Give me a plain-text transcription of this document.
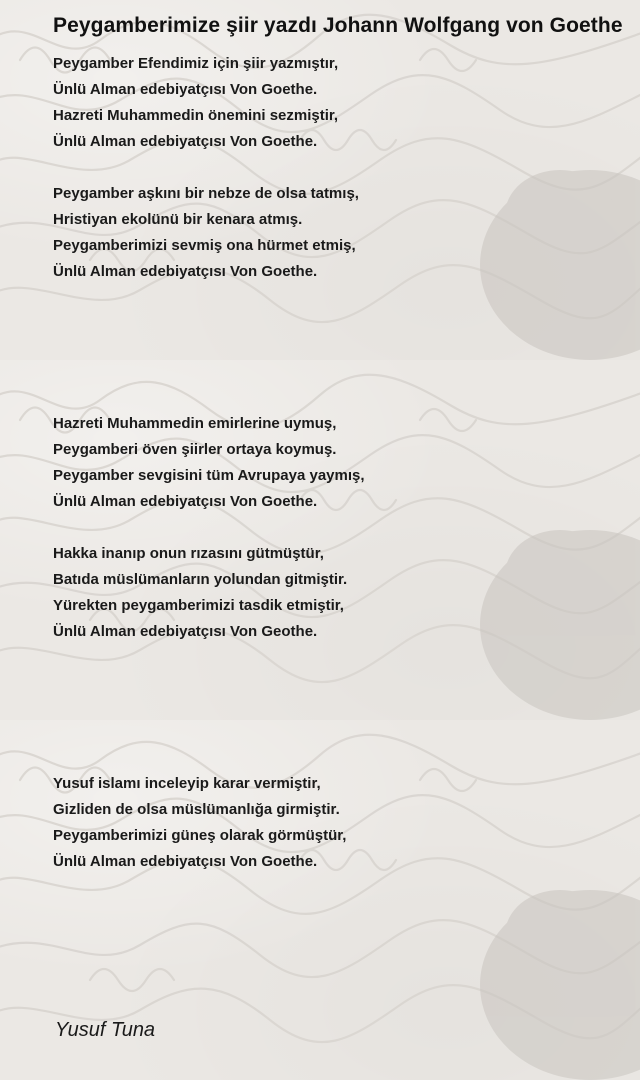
Peygamberimize şiir yazdı Johann Wolfgang von Goethe
Peygamber Efendimiz için şiir yazmıştır,
Ünlü Alman edebiyatçısı Von Goethe.
Hazreti Muhammedin önemini sezmiştir,
Ünlü Alman edebiyatçısı Von Goethe.
Peygamber aşkını bir nebze de olsa tatmış,
Hristiyan ekolünü bir kenara atmış.
Peygamberimizi sevmiş ona hürmet etmiş,
Ünlü Alman edebiyatçısı Von Goethe.
Hazreti Muhammedin emirlerine uymuş,
Peygamberi öven şiirler ortaya koymuş.
Peygamber sevgisini tüm Avrupaya yaymış,
Ünlü Alman edebiyatçısı Von Goethe.
Hakka inanıp onun rızasını gütmüştür,
Batıda müslümanların yolundan gitmiştir.
Yürekten peygamberimizi tasdik etmiştir,
Ünlü Alman edebiyatçısı Von Geothe.
Yusuf islamı inceleyip karar vermiştir,
Gizliden de olsa müslümanlığa girmiştir.
Peygamberimizi güneş olarak görmüştür,
Ünlü Alman edebiyatçısı Von Goethe.
Yusuf Tuna
